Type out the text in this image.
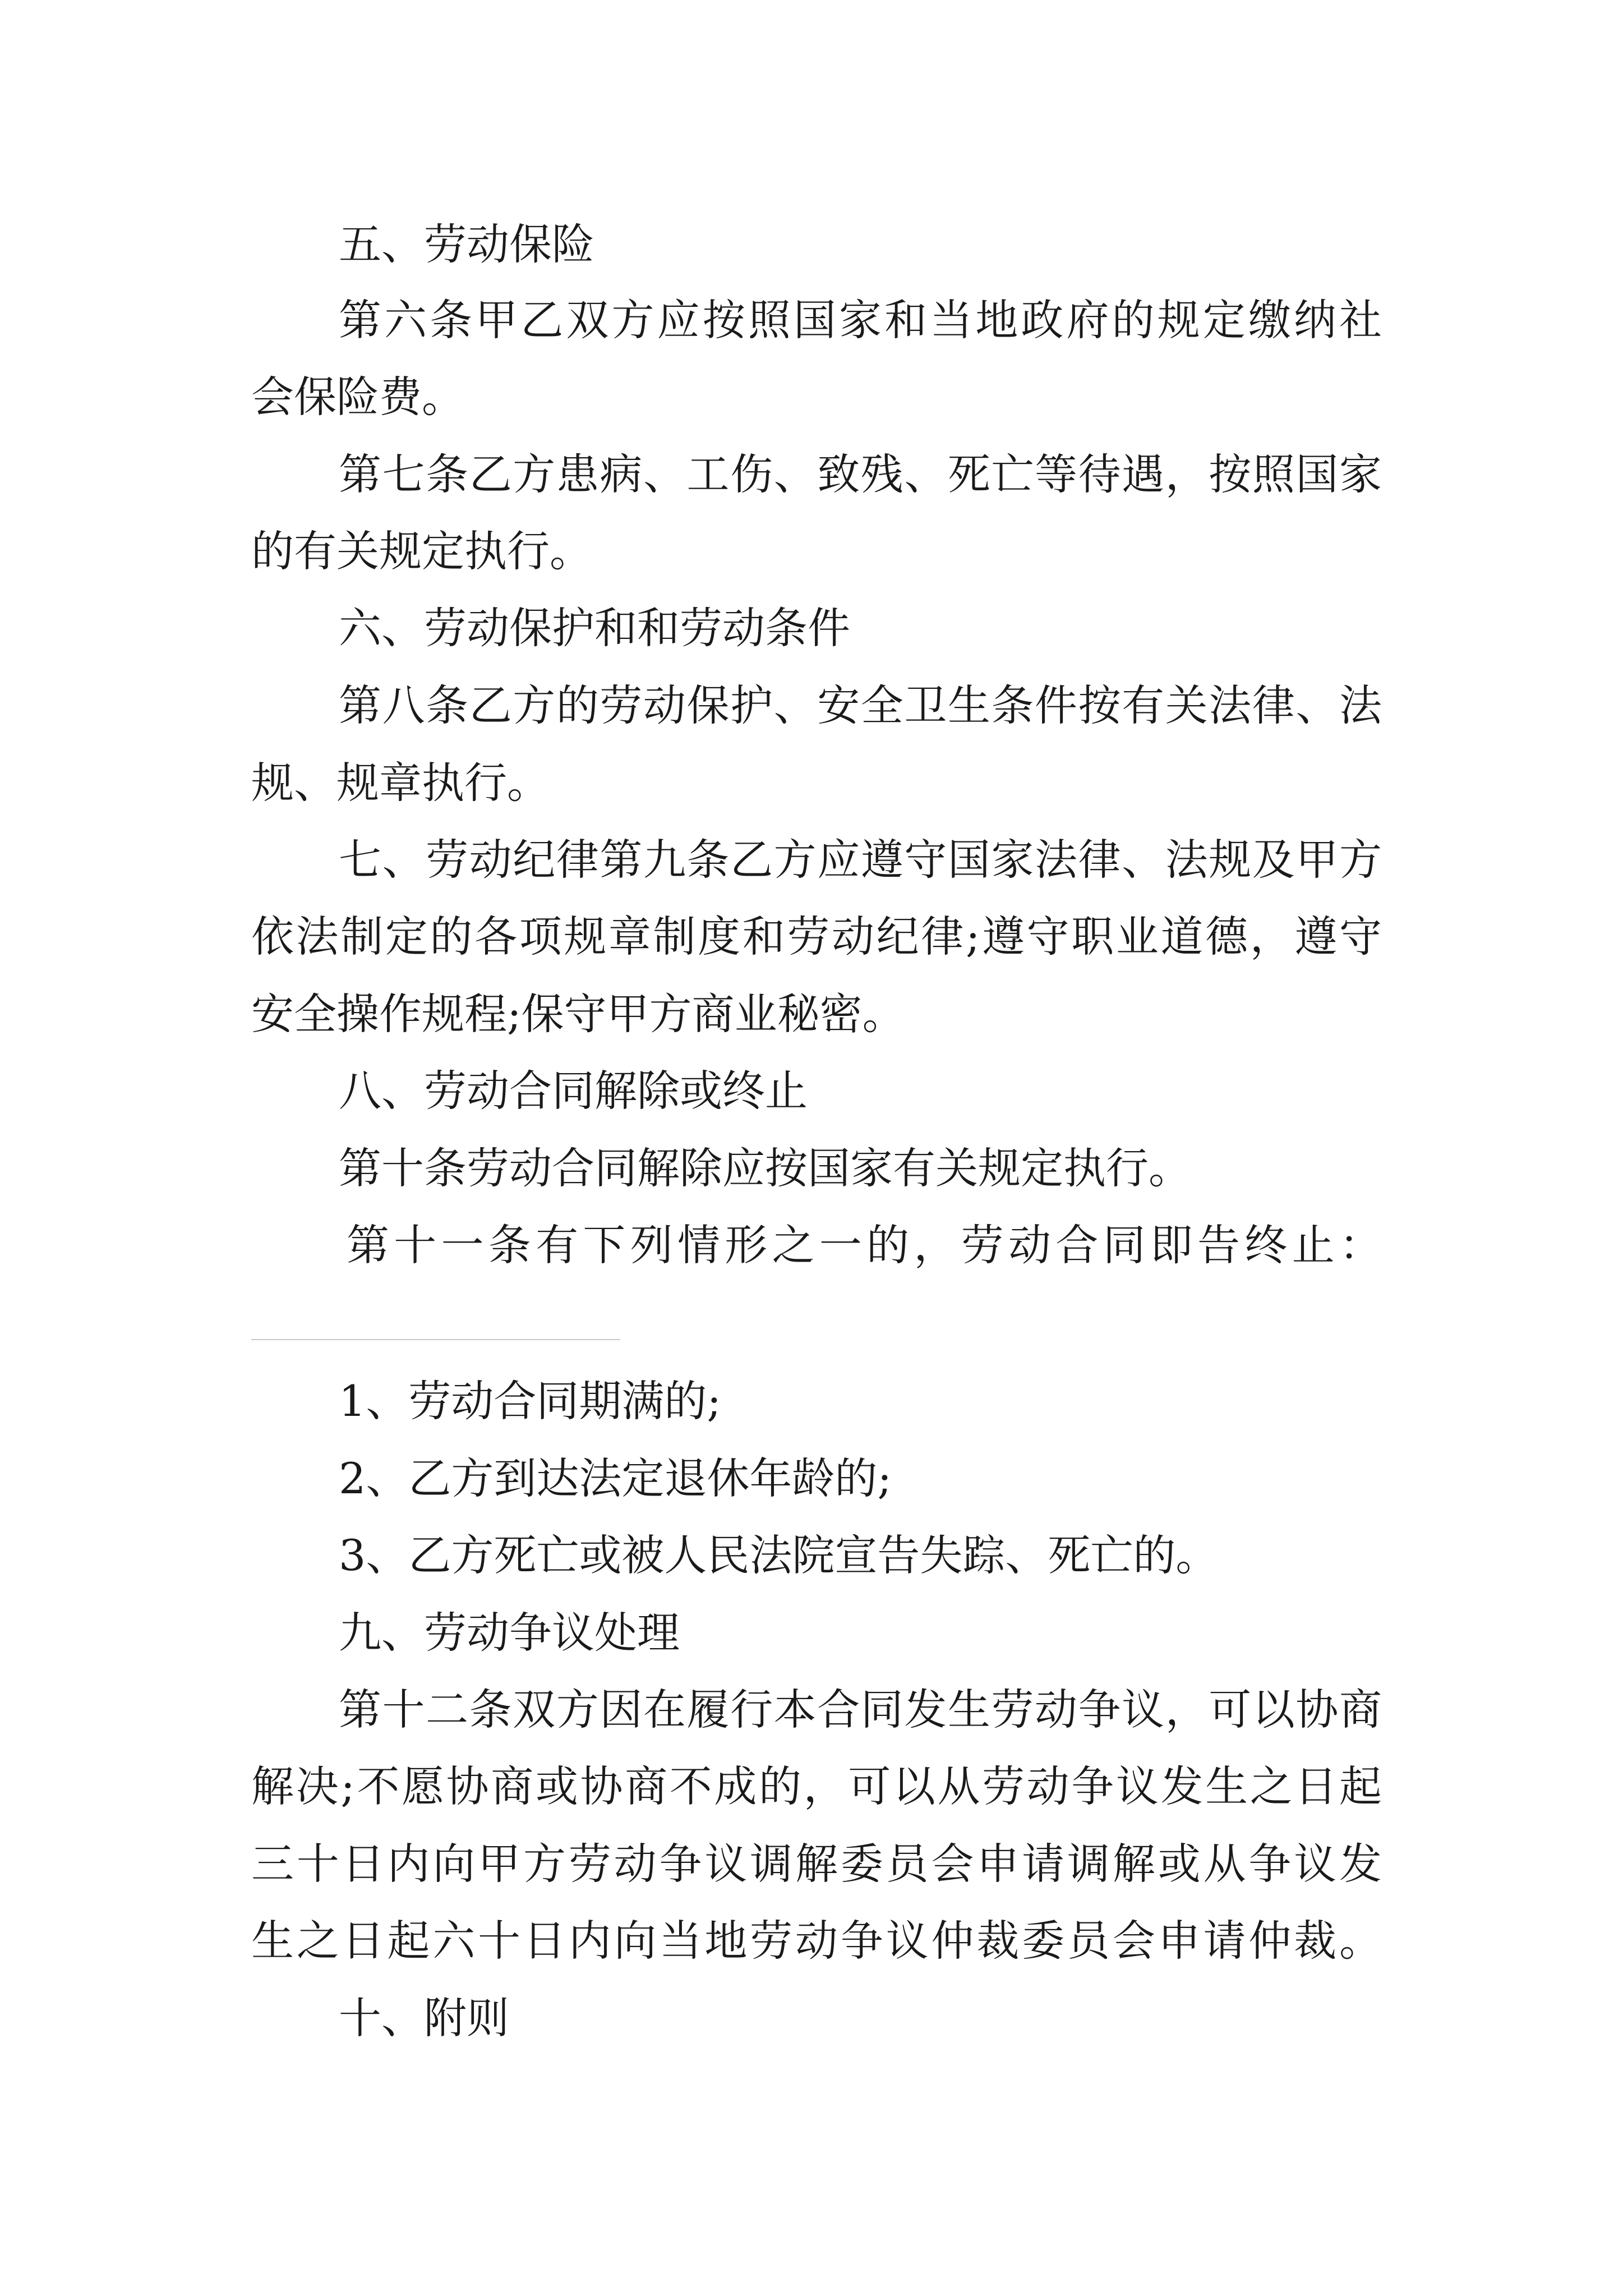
五、劳动保险
第六条甲乙双方应按照国家和当地政府的规定缴纳社
会保险费。
第七条乙方患病、工伤、致残、死亡等待遇，按照国家
的有关规定执行。
六、劳动保护和和劳动条件
第八条乙方的劳动保护、安全卫生条件按有关法律、法
规、规章执行。
七、劳动纪律第九条乙方应遵守国家法律、法规及甲方
依法制定的各项规章制度和劳动纪律;遵守职业道德，遵守
安全操作规程;保守甲方商业秘密。
八、劳动合同解除或终止
第十条劳动合同解除应按国家有关规定执行。
第十一条有下列情形之一的，劳动合同即告终止：
1、劳动合同期满的;
2、乙方到达法定退休年龄的;
3、乙方死亡或被人民法院宣告失踪、死亡的。
九、劳动争议处理
第十二条双方因在履行本合同发生劳动争议，可以协商
解决;不愿协商或协商不成的，可以从劳动争议发生之日起
三十日内向甲方劳动争议调解委员会申请调解或从争议发
生之日起六十日内向当地劳动争议仲裁委员会申请仲裁。
十、附则
